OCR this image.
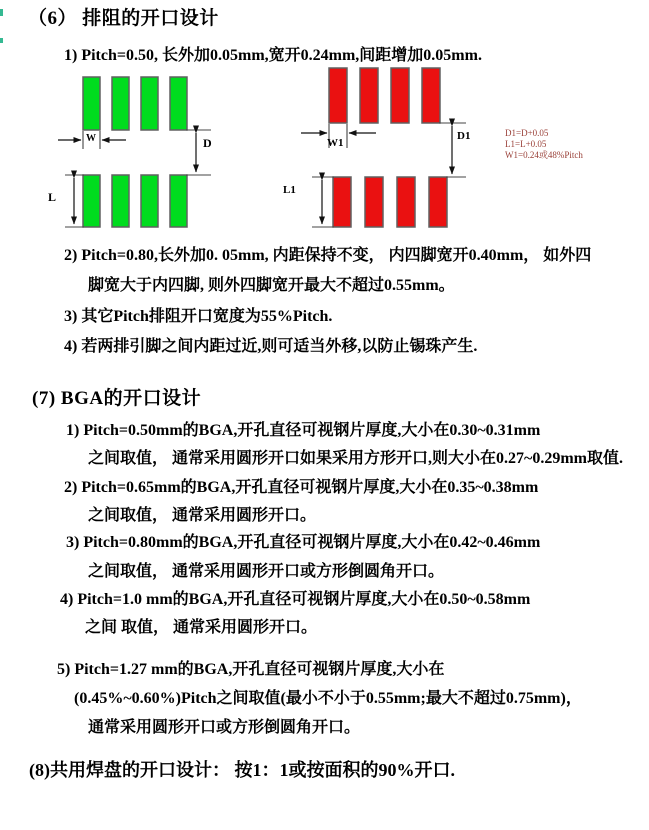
（6） 排阻的开口设计
1) Pitch=0.50, 长外加0.05mm,宽开0.24mm,间距增加0.05mm.
W	D
L
W1
D1
L1
D1=D+0.05
L1=L+0.05
W1=0.24或48%Pitch
2) Pitch=0.80,长外加0. 05mm, 内距保持不变， 内四脚宽开0.40mm， 如外四
脚宽大于内四脚, 则外四脚宽开最大不超过0.55mm。
3) 其它Pitch排阻开口宽度为55%Pitch.
4) 若两排引脚之间内距过近,则可适当外移,以防止锡珠产生.
(7) BGA的开口设计
1) Pitch=0.50mm的BGA,开孔直径可视钢片厚度,大小在0.30~0.31mm
之间取值， 通常采用圆形开口如果采用方形开口,则大小在0.27~0.29mm取值.
2) Pitch=0.65mm的BGA,开孔直径可视钢片厚度,大小在0.35~0.38mm
之间取值， 通常采用圆形开口。
3) Pitch=0.80mm的BGA,开孔直径可视钢片厚度,大小在0.42~0.46mm
之间取值， 通常采用圆形开口或方形倒圆角开口。
4) Pitch=1.0 mm的BGA,开孔直径可视钢片厚度,大小在0.50~0.58mm
之间 取值， 通常采用圆形开口。
5) Pitch=1.27 mm的BGA,开孔直径可视钢片厚度,大小在
(0.45%~0.60%)Pitch之间取值(最小不小于0.55mm;最大不超过0.75mm)，
通常采用圆形开口或方形倒圆角开口。
(8)共用焊盘的开口设计： 按1：1或按面积的90%开口.
